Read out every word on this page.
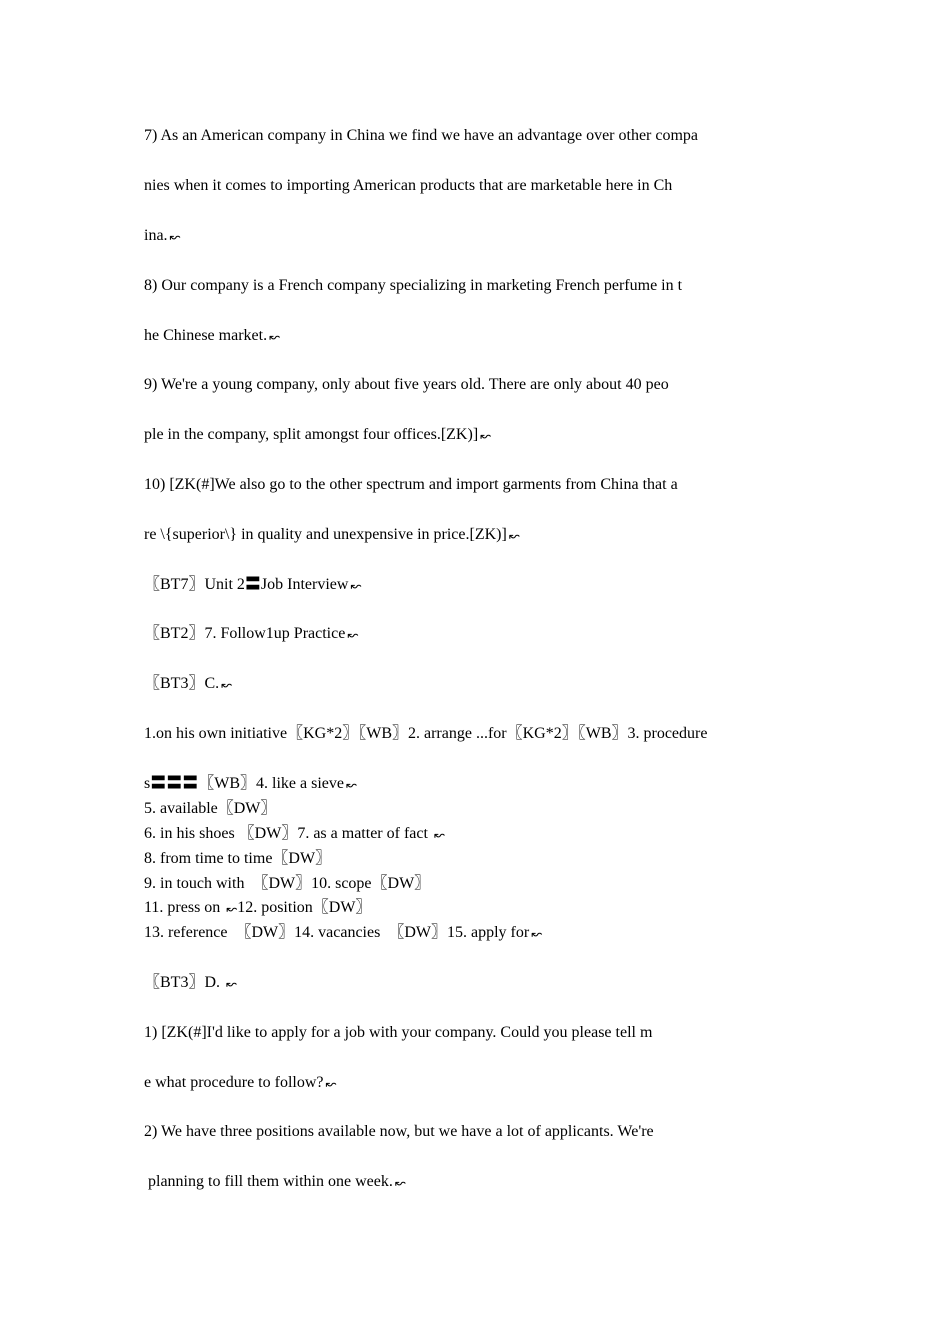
7) As an American company in China we find we have an advantage over other compa
nies when it comes to importing American products that are marketable here in Ch
ina. ↜
8) Our company is a French company specializing in marketing French perfume in t
he Chinese market. ↜
9) We're a young company, only about five years old. There are only about 40 peo
ple in the company, split amongst four offices.[ZK)] ↜
10) [ZK(#]We also go to the other spectrum and import garments from China that a
re \{superior\} in quality and unexpensive in price.[ZK)] ↜
〖BT7〗Unit 2〓Job Interview ↜
〖BT2〗7. Follow1up Practice ↜
〖BT3〗C. ↜
1.on his own initiative〖KG*2〗〖WB〗2. arrange ...for〖KG*2〗〖WB〗3. procedure
s〓〓〓〖WB〗4. like a sieve ↜
5. available〖DW〗
6. in his shoes 〖DW〗7. as a matter of fact ↜
8. from time to time〖DW〗
9. in touch with  〖DW〗10. scope〖DW〗
11. press on ↜12. position〖DW〗
13. reference  〖DW〗14. vacancies  〖DW〗15. apply for ↜
〖BT3〗D. ↜
1) [ZK(#]I'd like to apply for a job with your company. Could you please tell m
e what procedure to follow? ↜
2) We have three positions available now, but we have a lot of applicants. We're
planning to fill them within one week. ↜
